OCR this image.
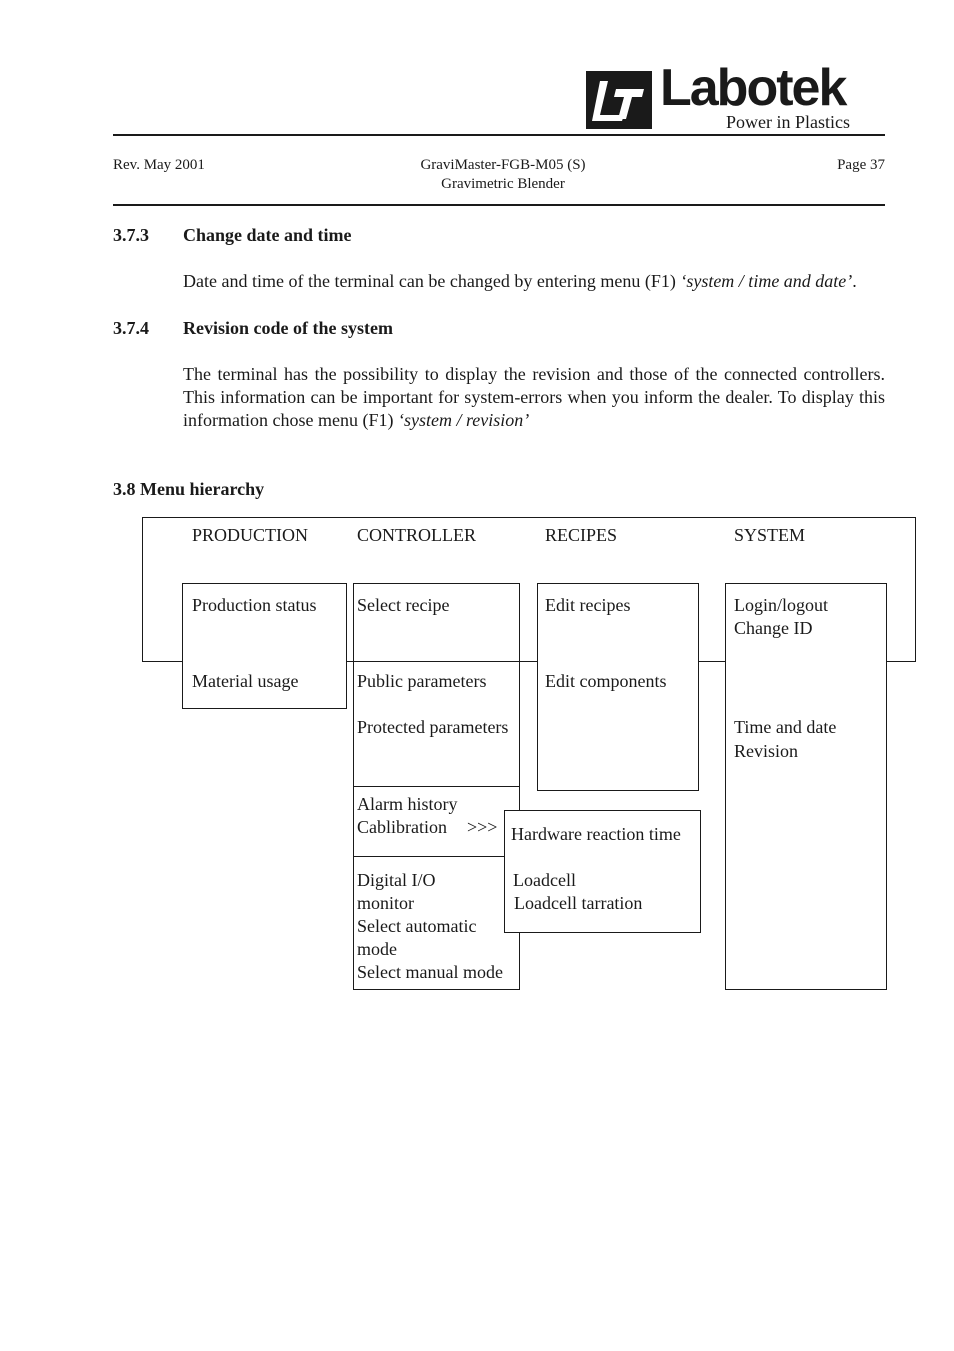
Labotek
Power in Plastics
Rev. May 2001	GraviMaster-FGB-M05 (S)
Gravimetric Blender
Page 37
3.7.3 Change date and time
Date and time of the terminal can be changed by entering menu (F1) ‘system / time and date’.
3.7.4 Revision code of the system
The terminal has the possibility to display the revision and those of the connected controllers. This information can be important for system-errors when you inform the dealer. To display this information chose menu (F1) ‘system / revision’
3.8 Menu hierarchy
PRODUCTION	CONTROLLER	RECIPES	SYSTEM
Production status
Material usage
Select recipe
Public parameters
Protected parameters
Alarm history
Cablibration >>>
Digital I/O
monitor
Select automatic
mode
Select manual mode
Edit recipes
Edit components
Hardware reaction time
Loadcell
Loadcell tarration
Login/logout
Change ID
Time and date
Revision
